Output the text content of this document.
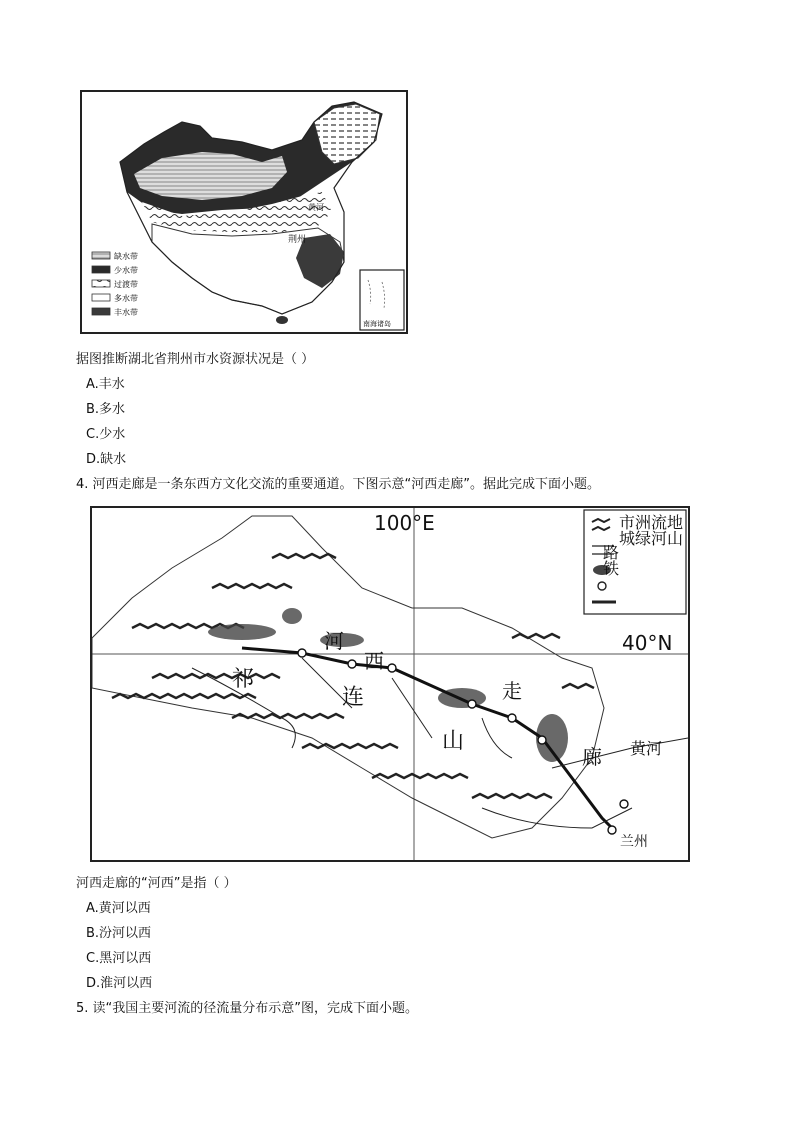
黄河
荆州
缺水带
少水带
过渡带
多水带
丰水带
南海诸岛
据图推断湖北省荆州市水资源状况是（ ）
A.丰水
B.多水
C.少水
D.缺水
4. 河西走廊是一条东西方文化交流的重要通道。下图示意“河西走廊”。据此完成下面小题。
100°E
40°N
河
西
走
廊
祁
连
山	黄河
兰州
地山
流河
洲绿
市城
路铁
河西走廊的“河西”是指（ ）
A.黄河以西
B.汾河以西
C.黑河以西
D.淮河以西
5. 读“我国主要河流的径流量分布示意”图，完成下面小题。
